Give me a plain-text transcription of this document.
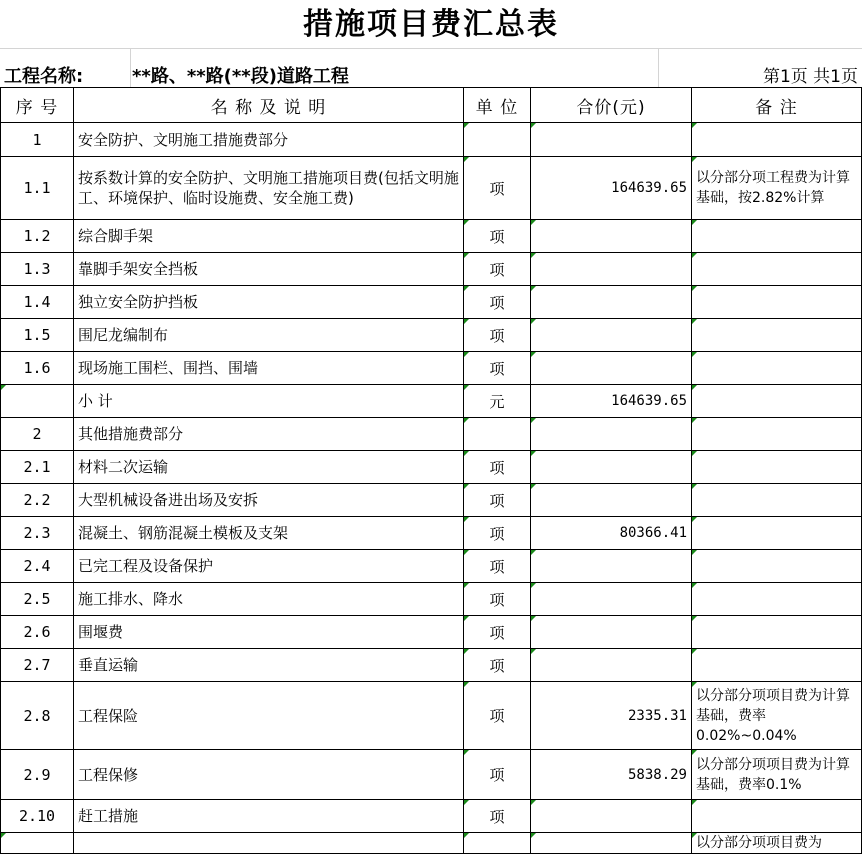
措施项目费汇总表
工程名称:	**路、**路(**段)道路工程	第1页 共1页
序 号	名 称 及 说 明	单 位	合价(元)	备 注
1	安全防护、文明施工措施费部分			
1.1	按系数计算的安全防护、文明施工措施项目费(包括文明施工、环境保护、临时设施费、安全施工费)	项	164639.65	以分部分项工程费为计算基础，按2.82%计算
1.2	综合脚手架	项		
1.3	靠脚手架安全挡板	项		
1.4	独立安全防护挡板	项		
1.5	围尼龙编制布	项		
1.6	现场施工围栏、围挡、围墙	项		
	小 计	元	164639.65	
2	其他措施费部分			
2.1	材料二次运输	项		
2.2	大型机械设备进出场及安拆	项		
2.3	混凝土、钢筋混凝土模板及支架	项	80366.41	
2.4	已完工程及设备保护	项		
2.5	施工排水、降水	项		
2.6	围堰费	项		
2.7	垂直运输	项		
2.8	工程保险	项	2335.31	以分部分项项目费为计算基础，费率0.02%~0.04%
2.9	工程保修	项	5838.29	以分部分项项目费为计算基础，费率0.1%
2.10	赶工措施	项		
				以分部分项项目费为
